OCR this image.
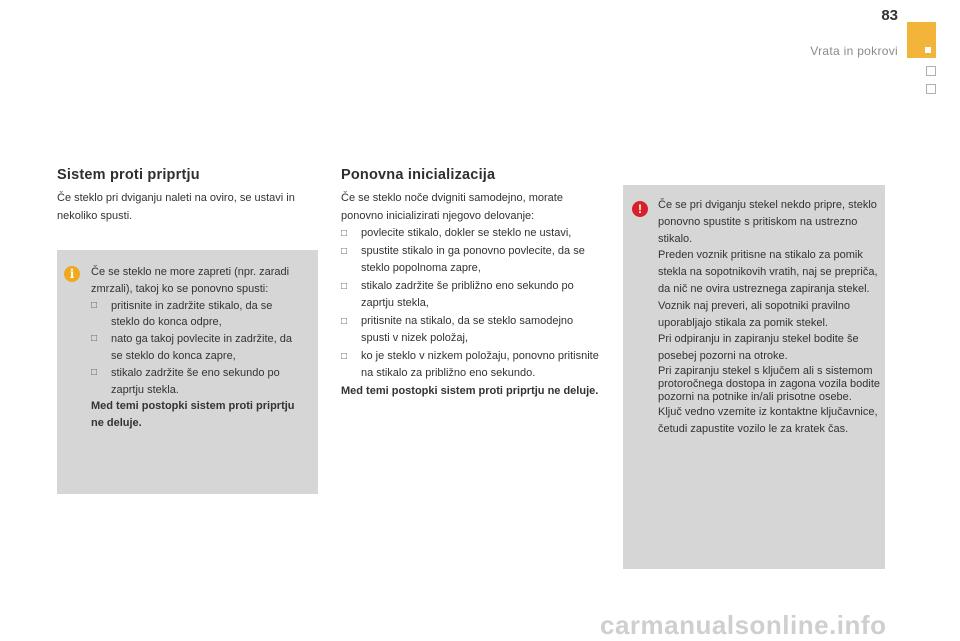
83
Vrata in pokrovi
Sistem proti priprtju

Če steklo pri dviganju naleti na oviro, se ustavi in nekoliko spusti.

i	Če se steklo ne more zapreti (npr. zaradi zmrzali), takoj ko se ponovno spusti:

□ pritisnite in zadržite stikalo, da se steklo do konca odpre,
□ nato ga takoj povlecite in zadržite, da se steklo do konca zapre,
□ stikalo zadržite še eno sekundo po zaprtju stekla.

Med temi postopki sistem proti priprtju ne deluje.

Ponovna inicializacija

Če se steklo noče dvigniti samodejno, morate ponovno inicializirati njegovo delovanje:

□ povlecite stikalo, dokler se steklo ne ustavi,
□ spustite stikalo in ga ponovno povlecite, da se steklo popolnoma zapre,
□ stikalo zadržite še približno eno sekundo po zaprtju stekla,
□ pritisnite na stikalo, da se steklo samodejno spusti v nizek položaj,
□ ko je steklo v nizkem položaju, ponovno pritisnite na stikalo za približno eno sekundo.

Med temi postopki sistem proti priprtju ne deluje.

!	Če se pri dviganju stekel nekdo pripre, steklo ponovno spustite s pritiskom na ustrezno stikalo.

Preden voznik pritisne na stikalo za pomik stekla na sopotnikovih vratih, naj se prepriča, da nič ne ovira ustreznega zapiranja stekel.

Voznik naj preveri, ali sopotniki pravilno uporabljajo stikala za pomik stekel.

Pri odpiranju in zapiranju stekel bodite še posebej pozorni na otroke.

Pri zapiranju stekel s ključem ali s sistemom protoročnega dostopa in zagona vozila bodite pozorni na potnike in/ali prisotne osebe.

Ključ vedno vzemite iz kontaktne ključavnice, četudi zapustite vozilo le za kratek čas.

carmanualsonline.info
